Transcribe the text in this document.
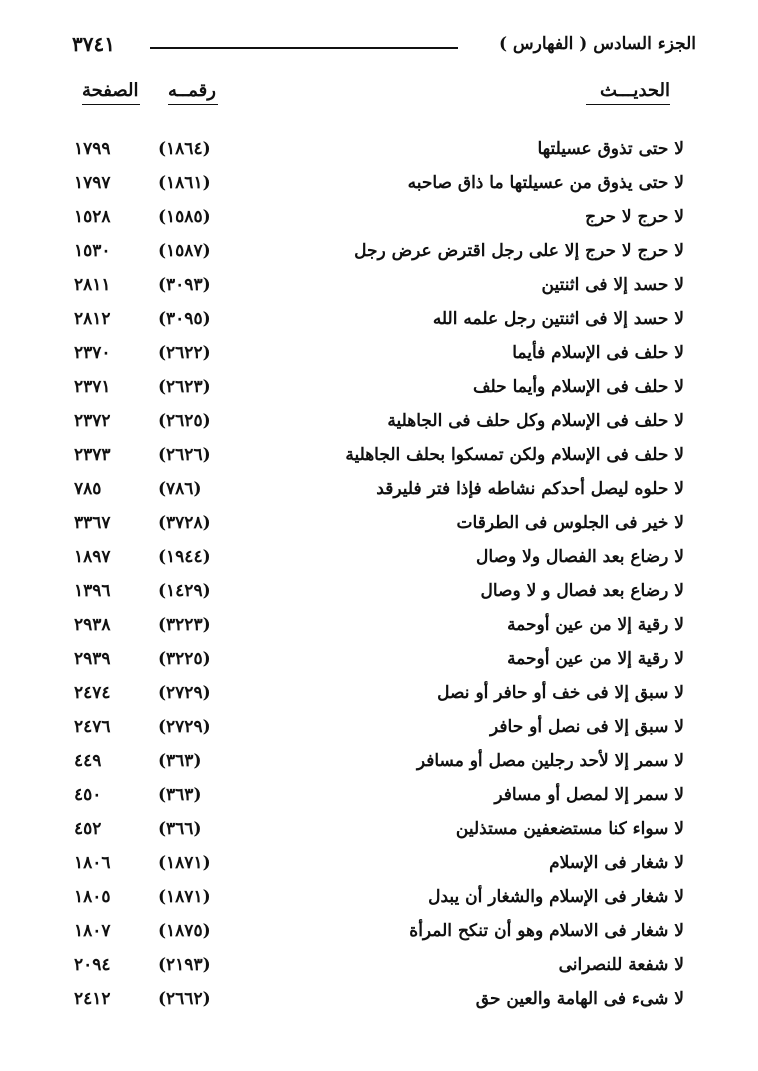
الجزء السادس ( الفهارس )
٣٧٤١
الحديـــث
رقمــه
الصفحة
لا حتى تذوق عسيلتها
(١٨٦٤)
١٧٩٩
لا حتى يذوق من عسيلتها ما ذاق صاحبه
(١٨٦١)
١٧٩٧
لا حرج لا حرج
(١٥٨٥)
١٥٢٨
لا حرج لا حرج إلا على رجل اقترض عرض رجل
(١٥٨٧)
١٥٣٠
لا حسد إلا فى اثنتين
(٣٠٩٣)
٢٨١١
لا حسد إلا فى اثنتين رجل علمه الله
(٣٠٩٥)
٢٨١٢
لا حلف فى الإسلام فأيما
(٢٦٢٢)
٢٣٧٠
لا حلف فى الإسلام وأيما حلف
(٢٦٢٣)
٢٣٧١
لا حلف فى الإسلام وكل حلف فى الجاهلية
(٢٦٢٥)
٢٣٧٢
لا حلف فى الإسلام ولكن تمسكوا بحلف الجاهلية
(٢٦٢٦)
٢٣٧٣
لا حلوه ليصل أحدكم نشاطه فإذا فتر فليرقد
(٧٨٦)
٧٨٥
لا خير فى الجلوس فى الطرقات
(٣٧٢٨)
٣٣٦٧
لا رضاع بعد الفصال ولا وصال
(١٩٤٤)
١٨٩٧
لا رضاع بعد فصال و لا وصال
(١٤٢٩)
١٣٩٦
لا رقية إلا من عين أوحمة
(٣٢٢٣)
٢٩٣٨
لا رقية إلا من عين أوحمة
(٣٢٢٥)
٢٩٣٩
لا سبق إلا فى خف أو حافر أو نصل
(٢٧٢٩)
٢٤٧٤
لا سبق إلا فى نصل أو حافر
(٢٧٢٩)
٢٤٧٦
لا سمر إلا لأحد رجلين مصل أو مسافر
(٣٦٣)
٤٤٩
لا سمر إلا لمصل أو مسافر
(٣٦٣)
٤٥٠
لا سواء كنا مستضعفين مستذلين
(٣٦٦)
٤٥٢
لا شغار فى الإسلام
(١٨٧١)
١٨٠٦
لا شغار فى الإسلام والشغار أن يبدل
(١٨٧١)
١٨٠٥
لا شغار فى الاسلام وهو أن تنكح المرأة
(١٨٧٥)
١٨٠٧
لا شفعة للنصرانى
(٢١٩٣)
٢٠٩٤
لا شىء فى الهامة والعين حق
(٢٦٦٢)
٢٤١٢
